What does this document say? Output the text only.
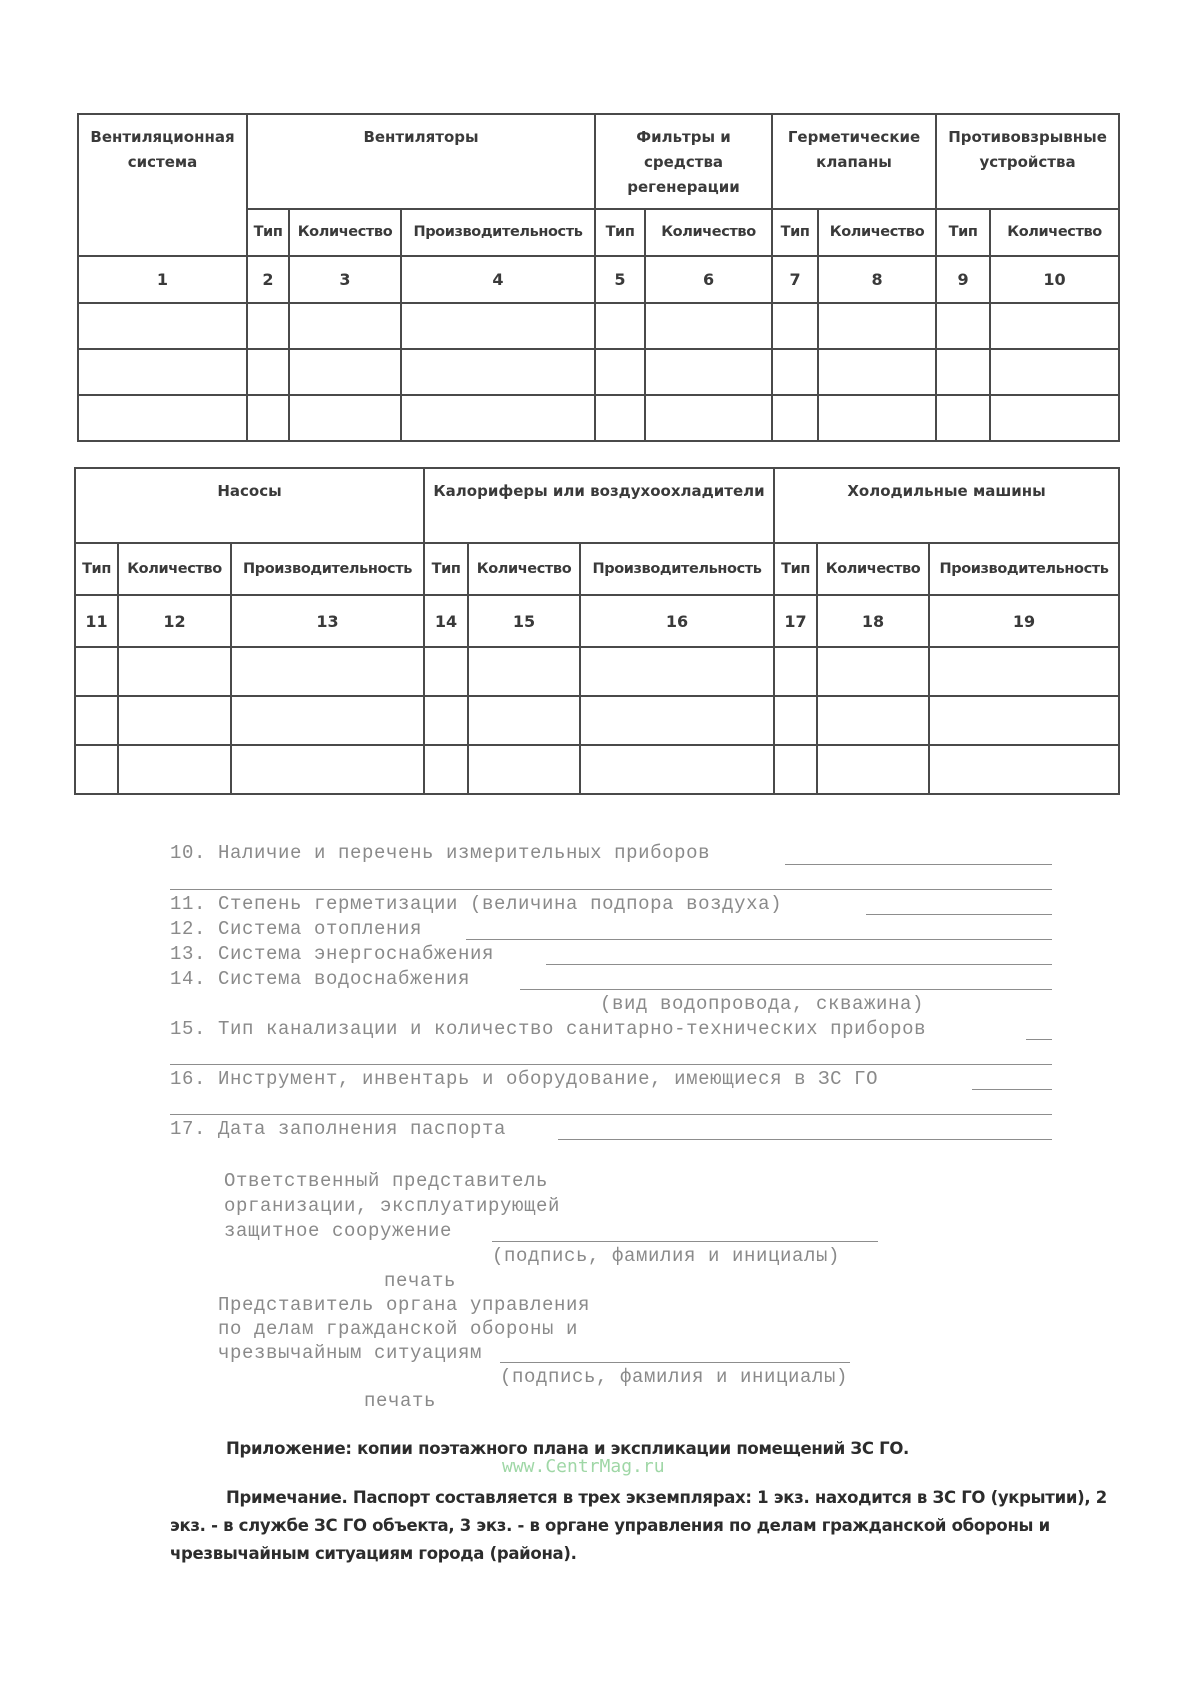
Вентиляционная система	Вентиляторы			Фильтры и средства регенерации		Герметические клапаны		Противовзрывные устройства	
	Тип	Количество	Производительность	Тип	Количество	Тип	Количество	Тип	Количество
1	2	3	4	5	6	7	8	9	10

Насосы			Калориферы или воздухоохладители			Холодильные машины		
Тип	Количество	Производительность	Тип	Количество	Производительность	Тип	Количество	Производительность
11	12	13	14	15	16	17	18	19

10. Наличие и перечень измерительных приборов
11. Степень герметизации (величина подпора воздуха)
12. Система отопления
13. Система энергоснабжения
14. Система водоснабжения
(вид водопровода, скважина)
15. Тип канализации и количество санитарно-технических приборов
16. Инструмент, инвентарь и оборудование, имеющиеся в ЗС ГО
17. Дата заполнения паспорта
Ответственный представитель
организации, эксплуатирующей
защитное сооружение
(подпись, фамилия и инициалы)
печать
Представитель органа управления
по делам гражданской обороны и
чрезвычайным ситуациям
(подпись, фамилия и инициалы)
печать
Приложение: копии поэтажного плана и экспликации помещений ЗС ГО.
www.CentrMag.ru
Примечание. Паспорт составляется в трех экземплярах: 1 экз. находится в ЗС ГО (укрытии), 2
экз. - в службе ЗС ГО объекта, 3 экз. - в органе управления по делам гражданской обороны и
чрезвычайным ситуациям города (района).
